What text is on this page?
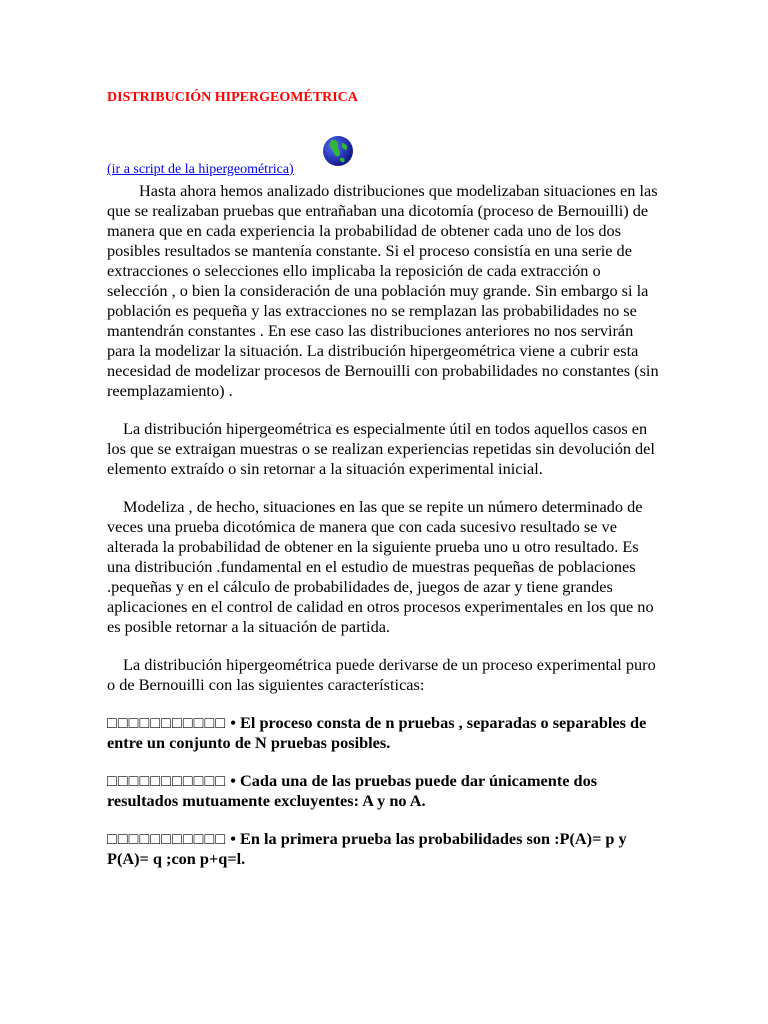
DISTRIBUCIÓN HIPERGEOMÉTRICA
(ir a script de la hipergeométrica)

Hasta ahora hemos analizado distribuciones que modelizaban situaciones en las que se realizaban pruebas que entrañaban una dicotomía (proceso de Bernouilli) de manera que en cada experiencia la probabilidad de obtener cada uno de los dos posibles resultados se mantenía constante. Si el proceso consistía en una serie de extracciones o selecciones ello implicaba la reposición de cada extracción o selección , o bien la consideración de una población muy grande. Sin embargo si la población es pequeña y las extracciones no se remplazan las probabilidades no se mantendrán constantes . En ese caso las distribuciones anteriores no nos servirán para la modelizar la situación. La distribución hipergeométrica viene a cubrir esta necesidad de modelizar procesos de Bernouilli con probabilidades no constantes (sin reemplazamiento) .

La distribución hipergeométrica es especialmente útil en todos aquellos casos en los que se extraigan muestras o se realizan experiencias repetidas sin devolución del elemento extraído o sin retornar a la situación experimental inicial.

Modeliza , de hecho, situaciones en las que se repite un número determinado de veces una prueba dicotómica de manera que con cada sucesivo resultado se ve alterada la probabilidad de obtener en la siguiente prueba uno u otro resultado. Es una distribución .fundamental en el estudio de muestras pequeñas de poblaciones .pequeñas y en el cálculo de probabilidades de, juegos de azar y tiene grandes aplicaciones en el control de calidad en otros procesos experimentales en los que no es posible retornar a la situación de partida.

La distribución hipergeométrica puede derivarse de un proceso experimental puro o de Bernouilli con las siguientes características:

□□□□□□□□□□□ • El proceso consta de n pruebas , separadas o separables de entre un conjunto de N pruebas posibles.
□□□□□□□□□□□ • Cada una de las pruebas puede dar únicamente dos resultados mutuamente excluyentes: A y no A.
□□□□□□□□□□□ • En la primera prueba las probabilidades son :P(A)= p y P(A)= q ;con p+q=l.
